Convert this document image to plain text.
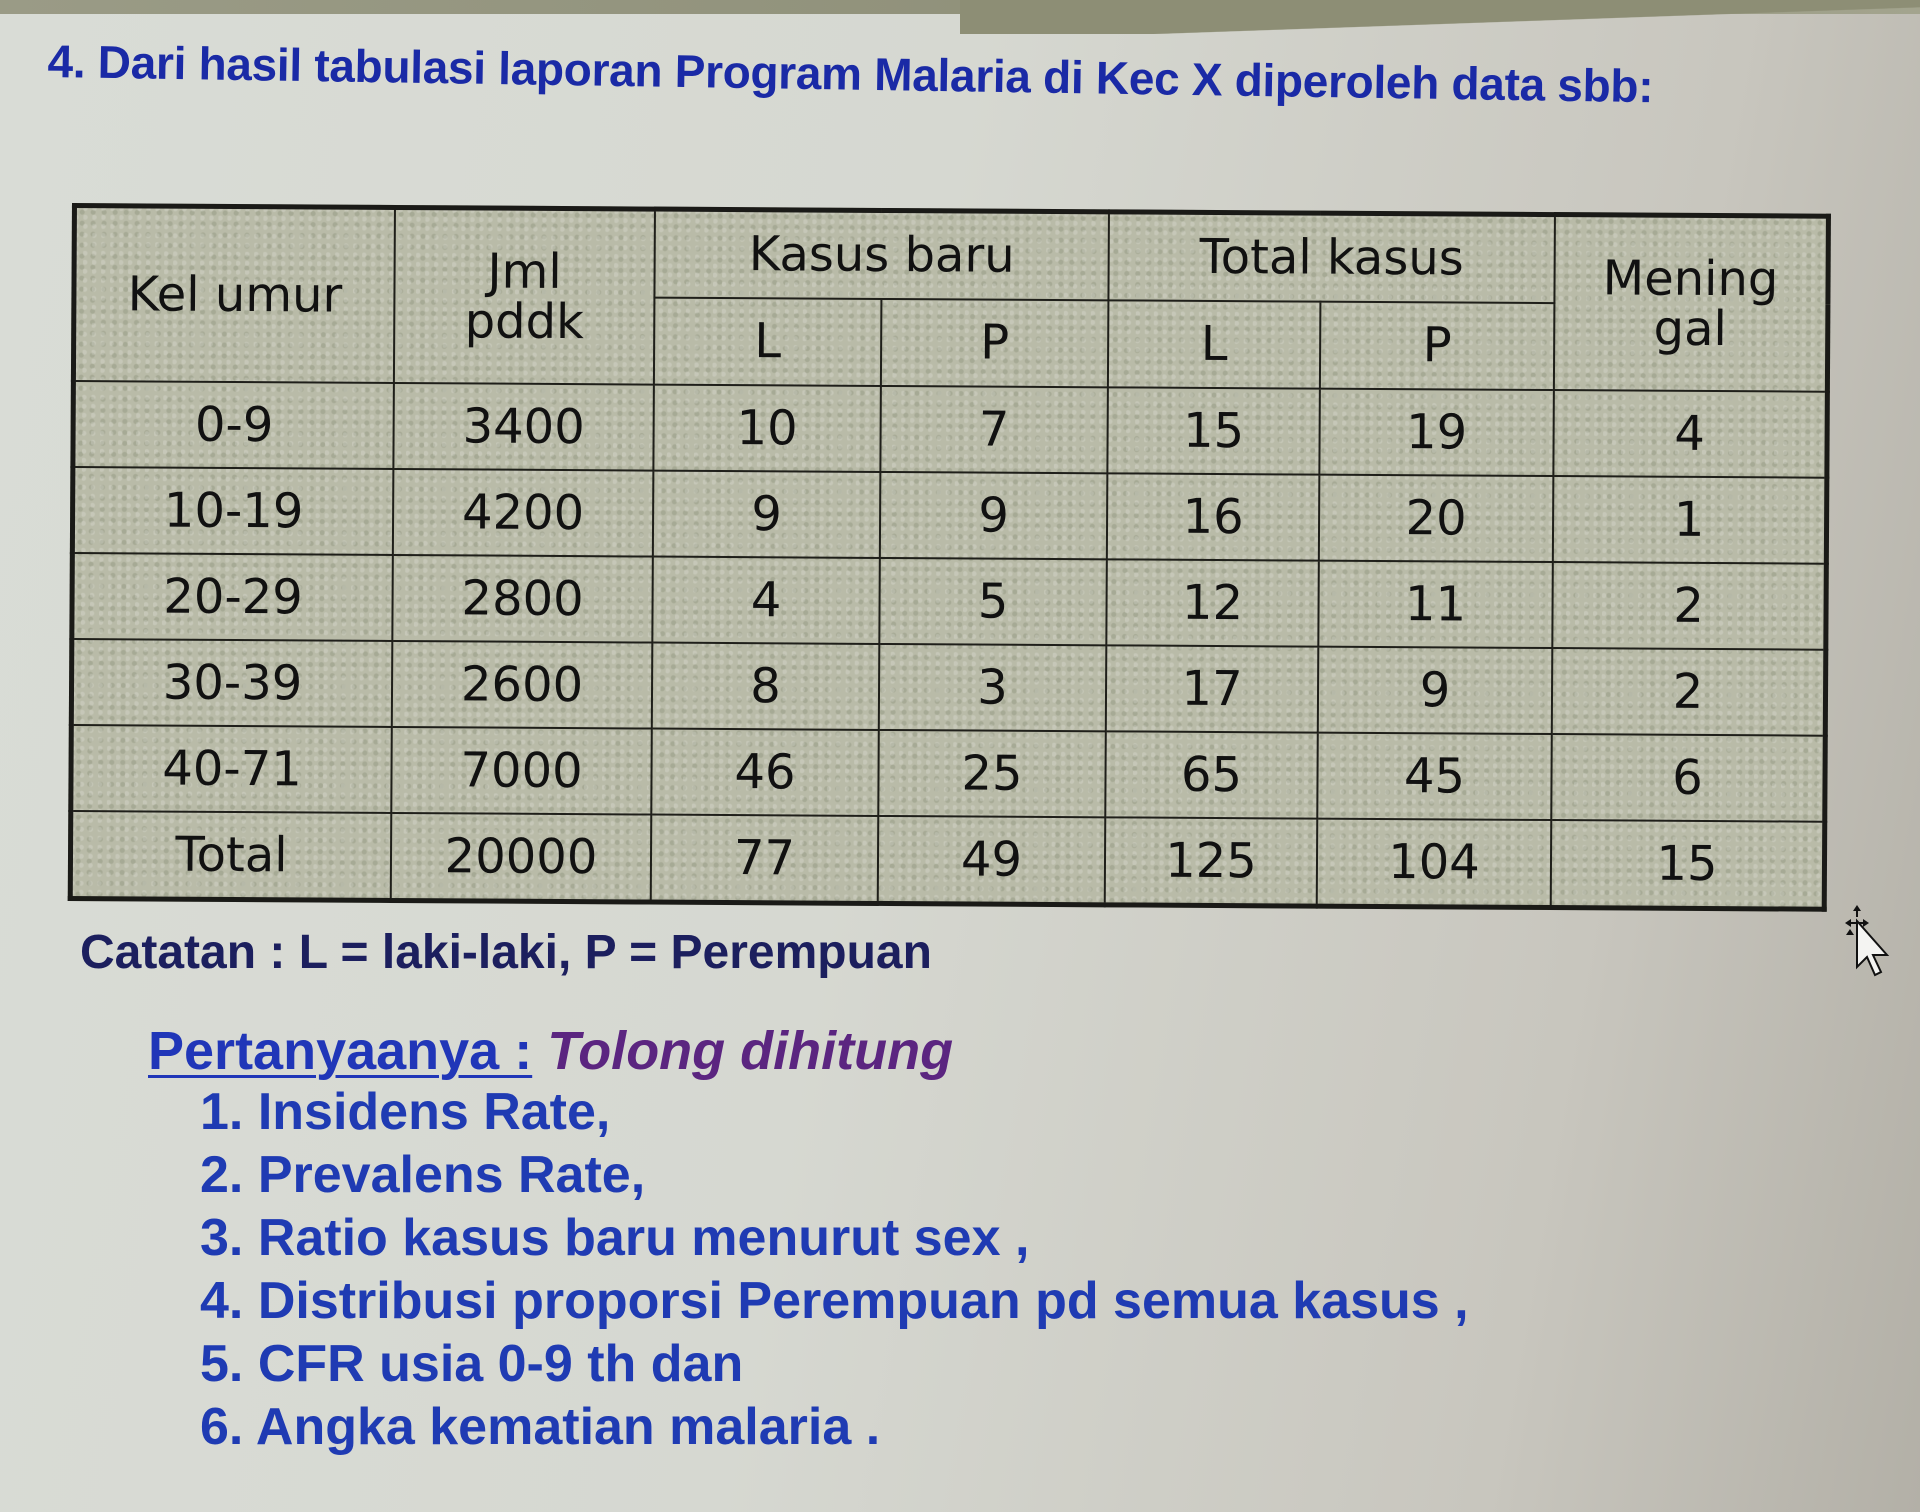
4. Dari hasil tabulasi laporan Program Malaria di Kec X diperoleh data sbb:
Kel umur	Jml pddk	Kasus baru		Total kasus		Mening gal
		L	P	L	P	
0-9	3400	10	7	15	19	4
10-19	4200	9	9	16	20	1
20-29	2800	4	5	12	11	2
30-39	2600	8	3	17	9	2
40-71	7000	46	25	65	45	6
Total	20000	77	49	125	104	15

Catatan : L = laki-laki, P = Perempuan

Pertanyaanya : Tolong dihitung

1. Insidens Rate,
2. Prevalens Rate,
3. Ratio kasus baru menurut sex ,
4. Distribusi proporsi Perempuan pd semua kasus ,
5. CFR usia 0-9 th dan
6. Angka kematian malaria .
